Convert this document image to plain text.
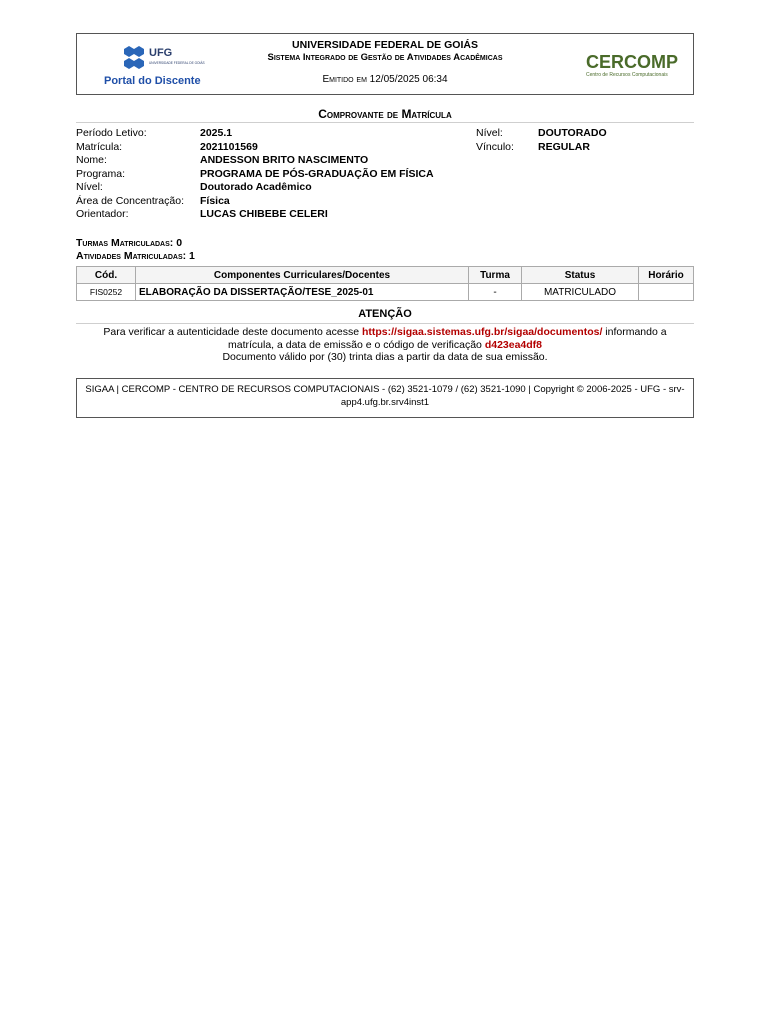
UFG
UNIVERSIDADE FEDERAL DE GOIÁS
Portal do Discente
UNIVERSIDADE FEDERAL DE GOIÁS
Sistema Integrado de Gestão de Atividades Acadêmicas
Emitido em 12/05/2025 06:34
CERCOMP
Centro de Recursos Computacionais
Comprovante de Matrícula
Período Letivo:	2025.1	Nível:	DOUTORADO
Matrícula:	2021101569	Vínculo: REGULAR
Nome:	ANDESSON BRITO NASCIMENTO
Programa:	PROGRAMA DE PÓS-GRADUAÇÃO EM FÍSICA
Nível:	Doutorado Acadêmico
Área de Concentração: Física
Orientador:	LUCAS CHIBEBE CELERI
Turmas Matriculadas: 0
Atividades Matriculadas: 1
Cód.	Componentes Curriculares/Docentes	Turma	Status	Horário
FIS0252	ELABORAÇÃO DA DISSERTAÇÃO/TESE_2025-01	-	MATRICULADO	
ATENÇÃO
Para verificar a autenticidade deste documento acesse https://sigaa.sistemas.ufg.br/sigaa/documentos/ informando a matrícula, a data de emissão e o código de verificação d423ea4df8
Documento válido por (30) trinta dias a partir da data de sua emissão.
SIGAA | CERCOMP - CENTRO DE RECURSOS COMPUTACIONAIS - (62) 3521-1079 / (62) 3521-1090 | Copyright © 2006-2025 - UFG - srv-app4.ufg.br.srv4inst1
